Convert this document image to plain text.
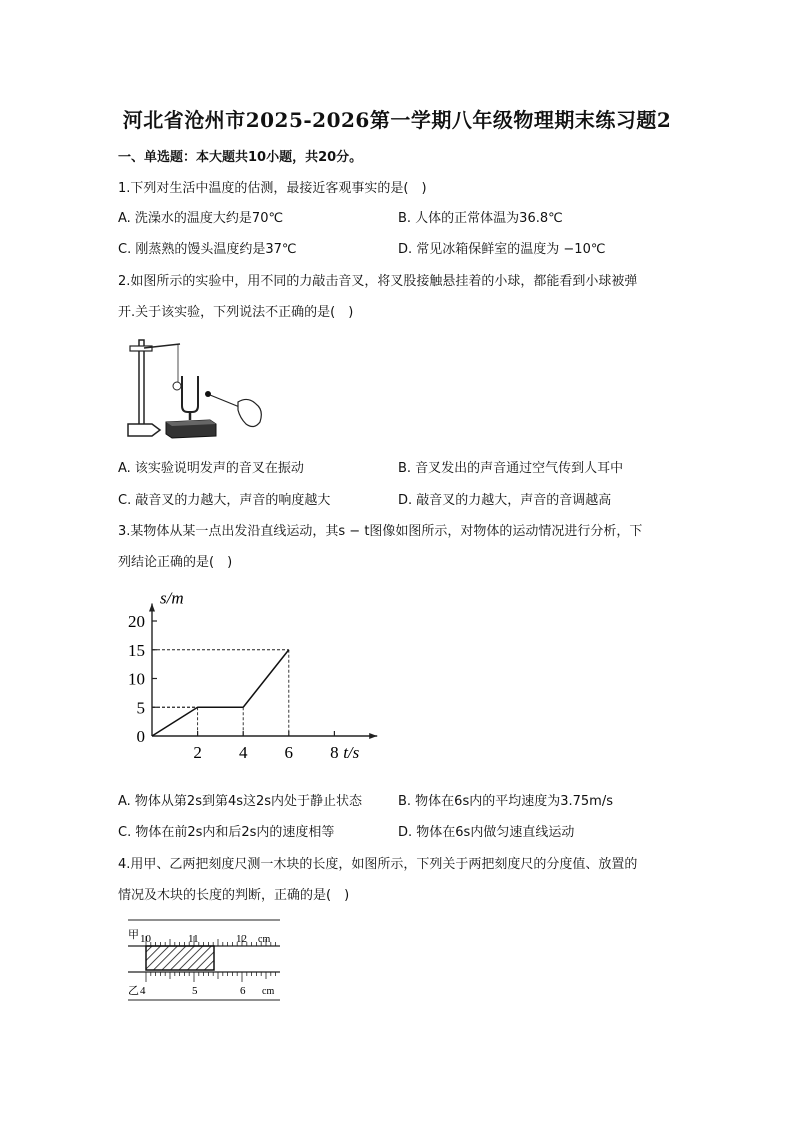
河北省沧州市2025-2026第一学期八年级物理期末练习题2
一、单选题：本大题共10小题，共20分。
1.下列对生活中温度的估测，最接近客观事实的是(　)
A. 洗澡水的温度大约是70℃	B. 人体的正常体温为36.8℃
C. 刚蒸熟的馒头温度约是37℃	D. 常见冰箱保鲜室的温度为 −10℃
2.如图所示的实验中，用不同的力敲击音叉，将叉股接触悬挂着的小球，都能看到小球被弹
开.关于该实验，下列说法不正确的是(　)
A. 该实验说明发声的音叉在振动	B. 音叉发出的声音通过空气传到人耳中
C. 敲音叉的力越大，声音的响度越大	D. 敲音叉的力越大，声音的音调越高
3.某物体从某一点出发沿直线运动，其s − t图像如图所示，对物体的运动情况进行分析，下
列结论正确的是(　)
0
5
10
15
20
2 4 6 8
s/m
t/s
A. 物体从第2s到第4s这2s内处于静止状态	B. 物体在6s内的平均速度为3.75m/s
C. 物体在前2s内和后2s内的速度相等	D. 物体在6s内做匀速直线运动
4.用甲、乙两把刻度尺测一木块的长度，如图所示，下列关于两把刻度尺的分度值、放置的
情况及木块的长度的判断，正确的是(　)
甲 10	11	12 cm
乙 4	5	6 cm
